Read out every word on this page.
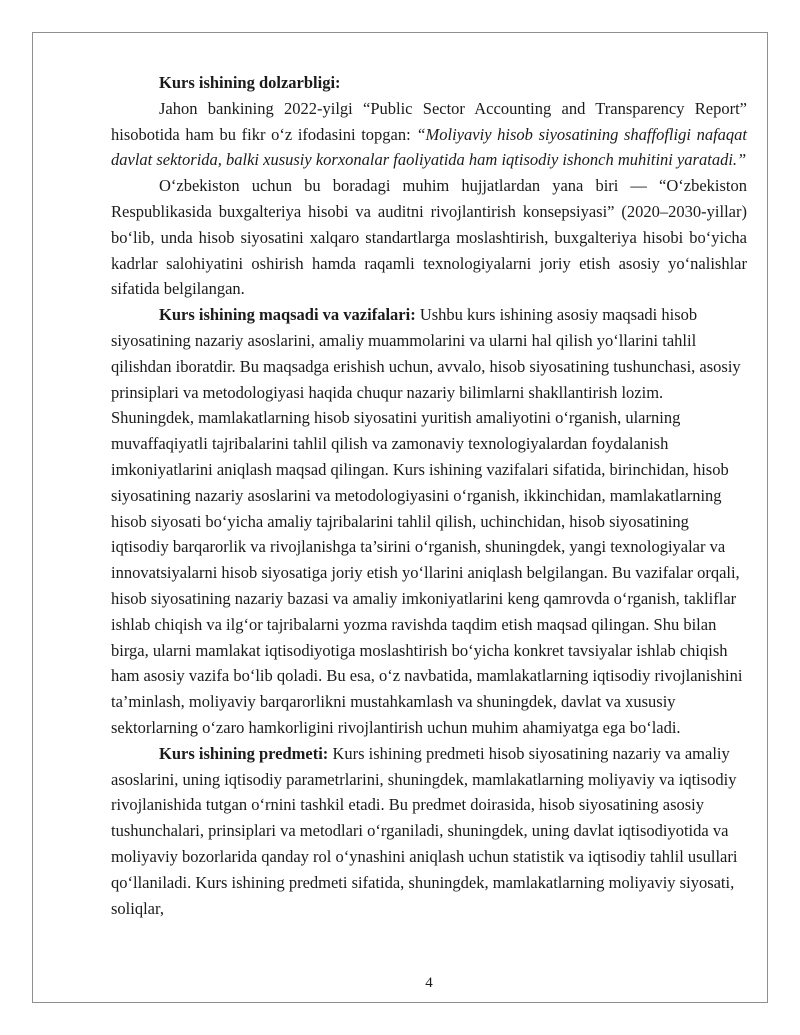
Kurs ishining dolzarbligi:

Jahon bankining 2022-yilgi “Public Sector Accounting and Transparency Report” hisobotida ham bu fikr o‘z ifodasini topgan: “Moliyaviy hisob siyosatining shaffofligi nafaqat davlat sektorida, balki xususiy korxonalar faoliyatida ham iqtisodiy ishonch muhitini yaratadi.”

O‘zbekiston uchun bu boradagi muhim hujjatlardan yana biri — “O‘zbekiston Respublikasida buxgalteriya hisobi va auditni rivojlantirish konsepsiyasi” (2020–2030-yillar) bo‘lib, unda hisob siyosatini xalqaro standartlarga moslashtirish, buxgalteriya hisobi bo‘yicha kadrlar salohiyatini oshirish hamda raqamli texnologiyalarni joriy etish asosiy yo‘nalishlar sifatida belgilangan.

Kurs ishining maqsadi va vazifalari: Ushbu kurs ishining asosiy maqsadi hisob siyosatining nazariy asoslarini, amaliy muammolarini va ularni hal qilish yo‘llarini tahlil qilishdan iboratdir. Bu maqsadga erishish uchun, avvalo, hisob siyosatining tushunchasi, asosiy prinsiplari va metodologiyasi haqida chuqur nazariy bilimlarni shakllantirish lozim. Shuningdek, mamlakatlarning hisob siyosatini yuritish amaliyotini o‘rganish, ularning muvaffaqiyatli tajribalarini tahlil qilish va zamonaviy texnologiyalardan foydalanish imkoniyatlarini aniqlash maqsad qilingan. Kurs ishining vazifalari sifatida, birinchidan, hisob siyosatining nazariy asoslarini va metodologiyasini o‘rganish, ikkinchidan, mamlakatlarning hisob siyosati bo‘yicha amaliy tajribalarini tahlil qilish, uchinchidan, hisob siyosatining iqtisodiy barqarorlik va rivojlanishga ta’sirini o‘rganish, shuningdek, yangi texnologiyalar va innovatsiyalarni hisob siyosatiga joriy etish yo‘llarini aniqlash belgilangan. Bu vazifalar orqali, hisob siyosatining nazariy bazasi va amaliy imkoniyatlarini keng qamrovda o‘rganish, takliflar ishlab chiqish va ilg‘or tajribalarni yozma ravishda taqdim etish maqsad qilingan. Shu bilan birga, ularni mamlakat iqtisodiyotiga moslashtirish bo‘yicha konkret tavsiyalar ishlab chiqish ham asosiy vazifa bo‘lib qoladi. Bu esa, o‘z navbatida, mamlakatlarning iqtisodiy rivojlanishini ta’minlash, moliyaviy barqarorlikni mustahkamlash va shuningdek, davlat va xususiy sektorlarning o‘zaro hamkorligini rivojlantirish uchun muhim ahamiyatga ega bo‘ladi.

Kurs ishining predmeti: Kurs ishining predmeti hisob siyosatining nazariy va amaliy asoslarini, uning iqtisodiy parametrlarini, shuningdek, mamlakatlarning moliyaviy va iqtisodiy rivojlanishida tutgan o‘rnini tashkil etadi. Bu predmet doirasida, hisob siyosatining asosiy tushunchalari, prinsiplari va metodlari o‘rganiladi, shuningdek, uning davlat iqtisodiyotida va moliyaviy bozorlarida qanday rol o‘ynashini aniqlash uchun statistik va iqtisodiy tahlil usullari qo‘llaniladi. Kurs ishining predmeti sifatida, shuningdek, mamlakatlarning moliyaviy siyosati, soliqlar,

4
